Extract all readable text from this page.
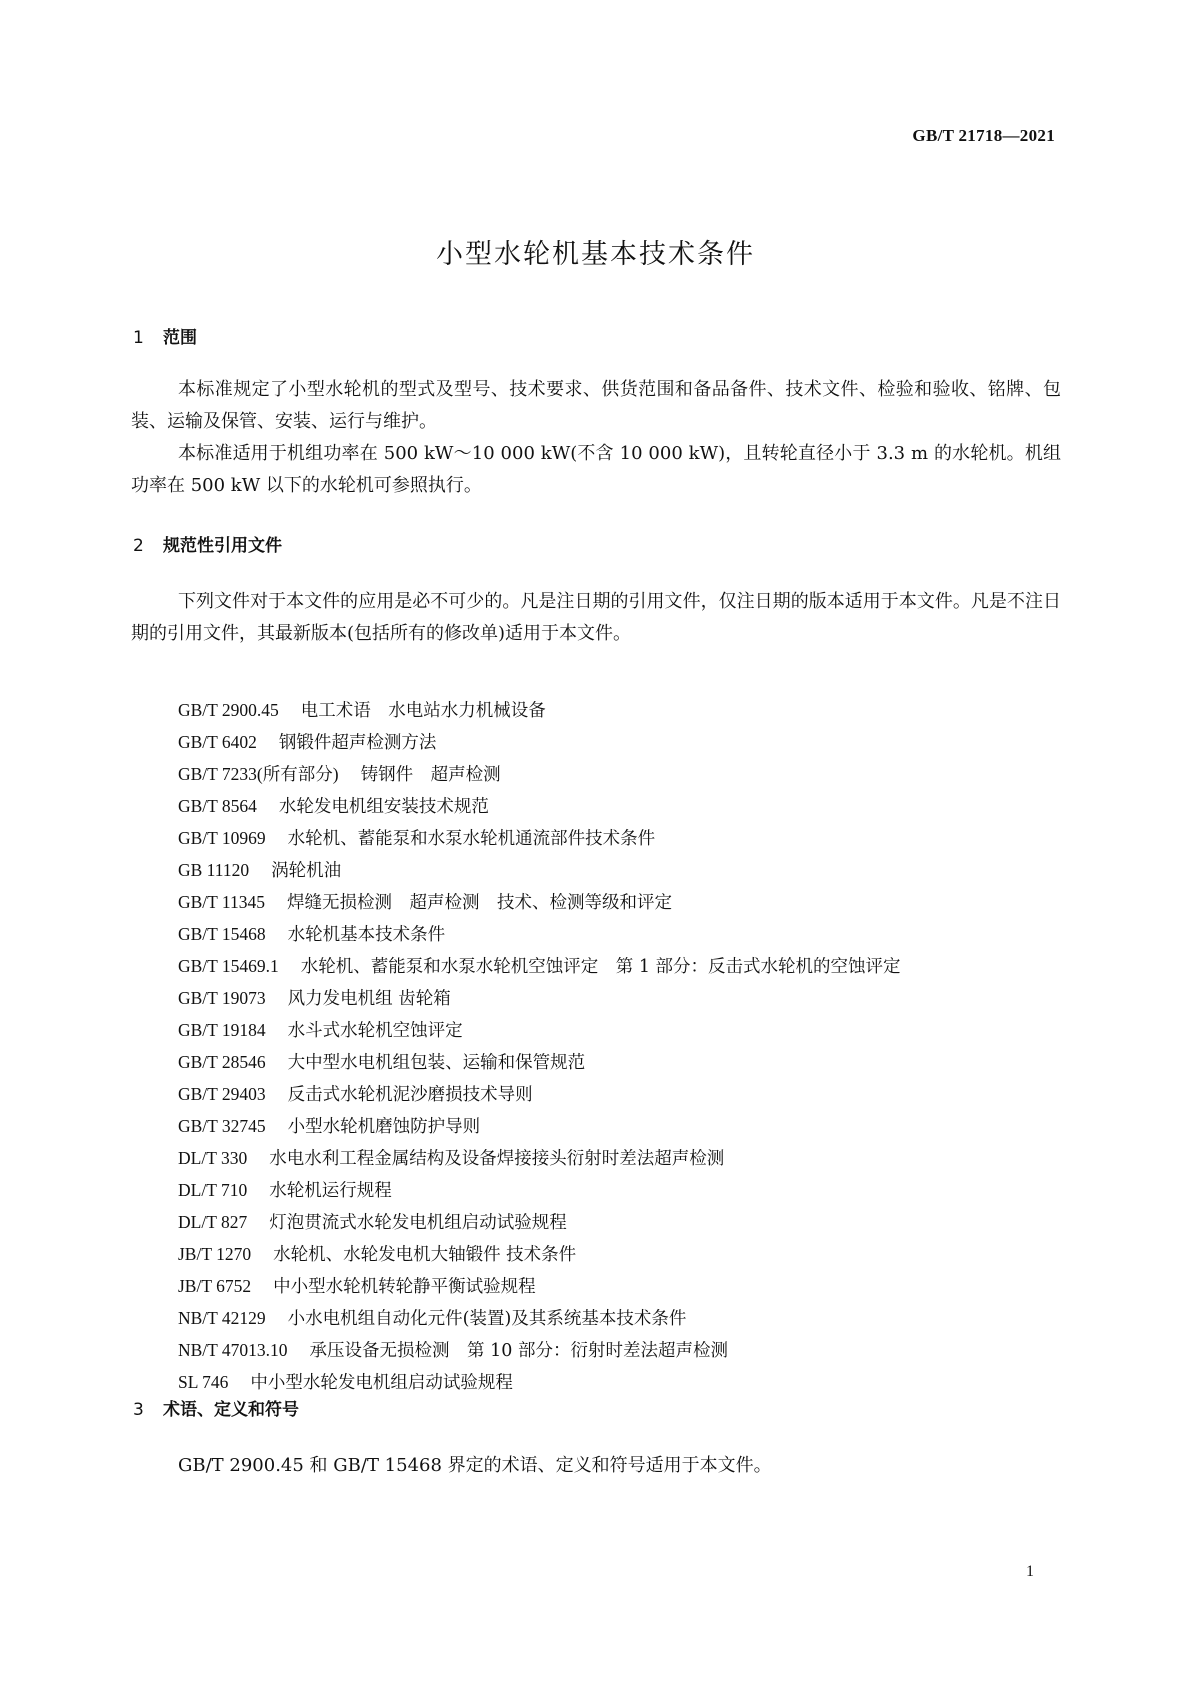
GB/T 21718—2021
小型水轮机基本技术条件
1 范围

本标准规定了小型水轮机的型式及型号、技术要求、供货范围和备品备件、技术文件、检验和验收、铭牌、包装、运输及保管、安装、运行与维护。

本标准适用于机组功率在 500 kW～10 000 kW(不含 10 000 kW)，且转轮直径小于 3.3 m 的水轮机。机组功率在 500 kW 以下的水轮机可参照执行。

2 规范性引用文件

下列文件对于本文件的应用是必不可少的。凡是注日期的引用文件，仅注日期的版本适用于本文件。凡是不注日期的引用文件，其最新版本(包括所有的修改单)适用于本文件。

GB/T 2900.45 电工术语　水电站水力机械设备
GB/T 6402 钢锻件超声检测方法
GB/T 7233(所有部分) 铸钢件　超声检测
GB/T 8564 水轮发电机组安装技术规范
GB/T 10969 水轮机、蓄能泵和水泵水轮机通流部件技术条件
GB 11120 涡轮机油
GB/T 11345 焊缝无损检测　超声检测　技术、检测等级和评定
GB/T 15468 水轮机基本技术条件
GB/T 15469.1 水轮机、蓄能泵和水泵水轮机空蚀评定　第 1 部分：反击式水轮机的空蚀评定
GB/T 19073 风力发电机组 齿轮箱
GB/T 19184 水斗式水轮机空蚀评定
GB/T 28546 大中型水电机组包装、运输和保管规范
GB/T 29403 反击式水轮机泥沙磨损技术导则
GB/T 32745 小型水轮机磨蚀防护导则
DL/T 330 水电水利工程金属结构及设备焊接接头衍射时差法超声检测
DL/T 710 水轮机运行规程
DL/T 827 灯泡贯流式水轮发电机组启动试验规程
JB/T 1270 水轮机、水轮发电机大轴锻件 技术条件
JB/T 6752 中小型水轮机转轮静平衡试验规程
NB/T 42129 小水电机组自动化元件(装置)及其系统基本技术条件
NB/T 47013.10 承压设备无损检测　第 10 部分：衍射时差法超声检测
SL 746 中小型水轮发电机组启动试验规程
3 术语、定义和符号

GB/T 2900.45 和 GB/T 15468 界定的术语、定义和符号适用于本文件。

1
